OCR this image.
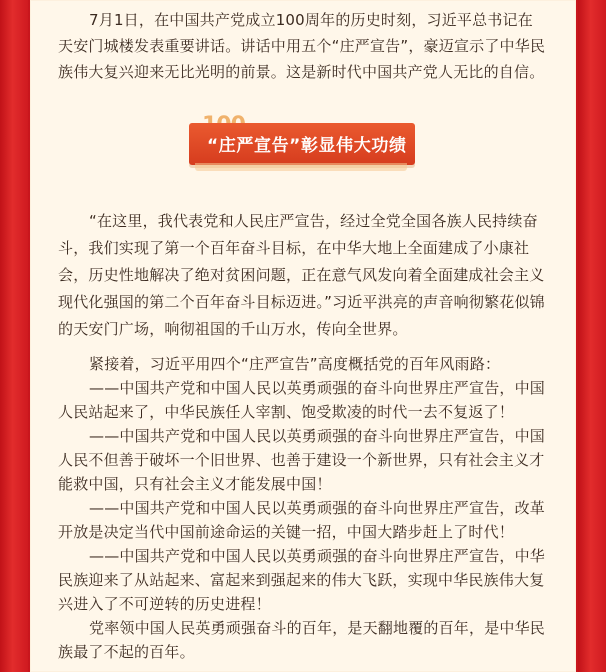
7月1日，在中国共产党成立100周年的历史时刻，习近平总书记在天安门城楼发表重要讲话。讲话中用五个“庄严宣告”，豪迈宣示了中华民族伟大复兴迎来无比光明的前景。这是新时代中国共产党人无比的自信。

“庄严宣告”彰显伟大功绩

“在这里，我代表党和人民庄严宣告，经过全党全国各族人民持续奋斗，我们实现了第一个百年奋斗目标，在中华大地上全面建成了小康社会，历史性地解决了绝对贫困问题，正在意气风发向着全面建成社会主义现代化强国的第二个百年奋斗目标迈进。”习近平洪亮的声音响彻繁花似锦的天安门广场，响彻祖国的千山万水，传向全世界。

紧接着，习近平用四个“庄严宣告”高度概括党的百年风雨路：

——中国共产党和中国人民以英勇顽强的奋斗向世界庄严宣告，中国人民站起来了，中华民族任人宰割、饱受欺凌的时代一去不复返了！

——中国共产党和中国人民以英勇顽强的奋斗向世界庄严宣告，中国人民不但善于破坏一个旧世界、也善于建设一个新世界，只有社会主义才能救中国，只有社会主义才能发展中国！

——中国共产党和中国人民以英勇顽强的奋斗向世界庄严宣告，改革开放是决定当代中国前途命运的关键一招，中国大踏步赶上了时代！

——中国共产党和中国人民以英勇顽强的奋斗向世界庄严宣告，中华民族迎来了从站起来、富起来到强起来的伟大飞跃，实现中华民族伟大复兴进入了不可逆转的历史进程！

党率领中国人民英勇顽强奋斗的百年，是天翻地覆的百年，是中华民族最了不起的百年。
